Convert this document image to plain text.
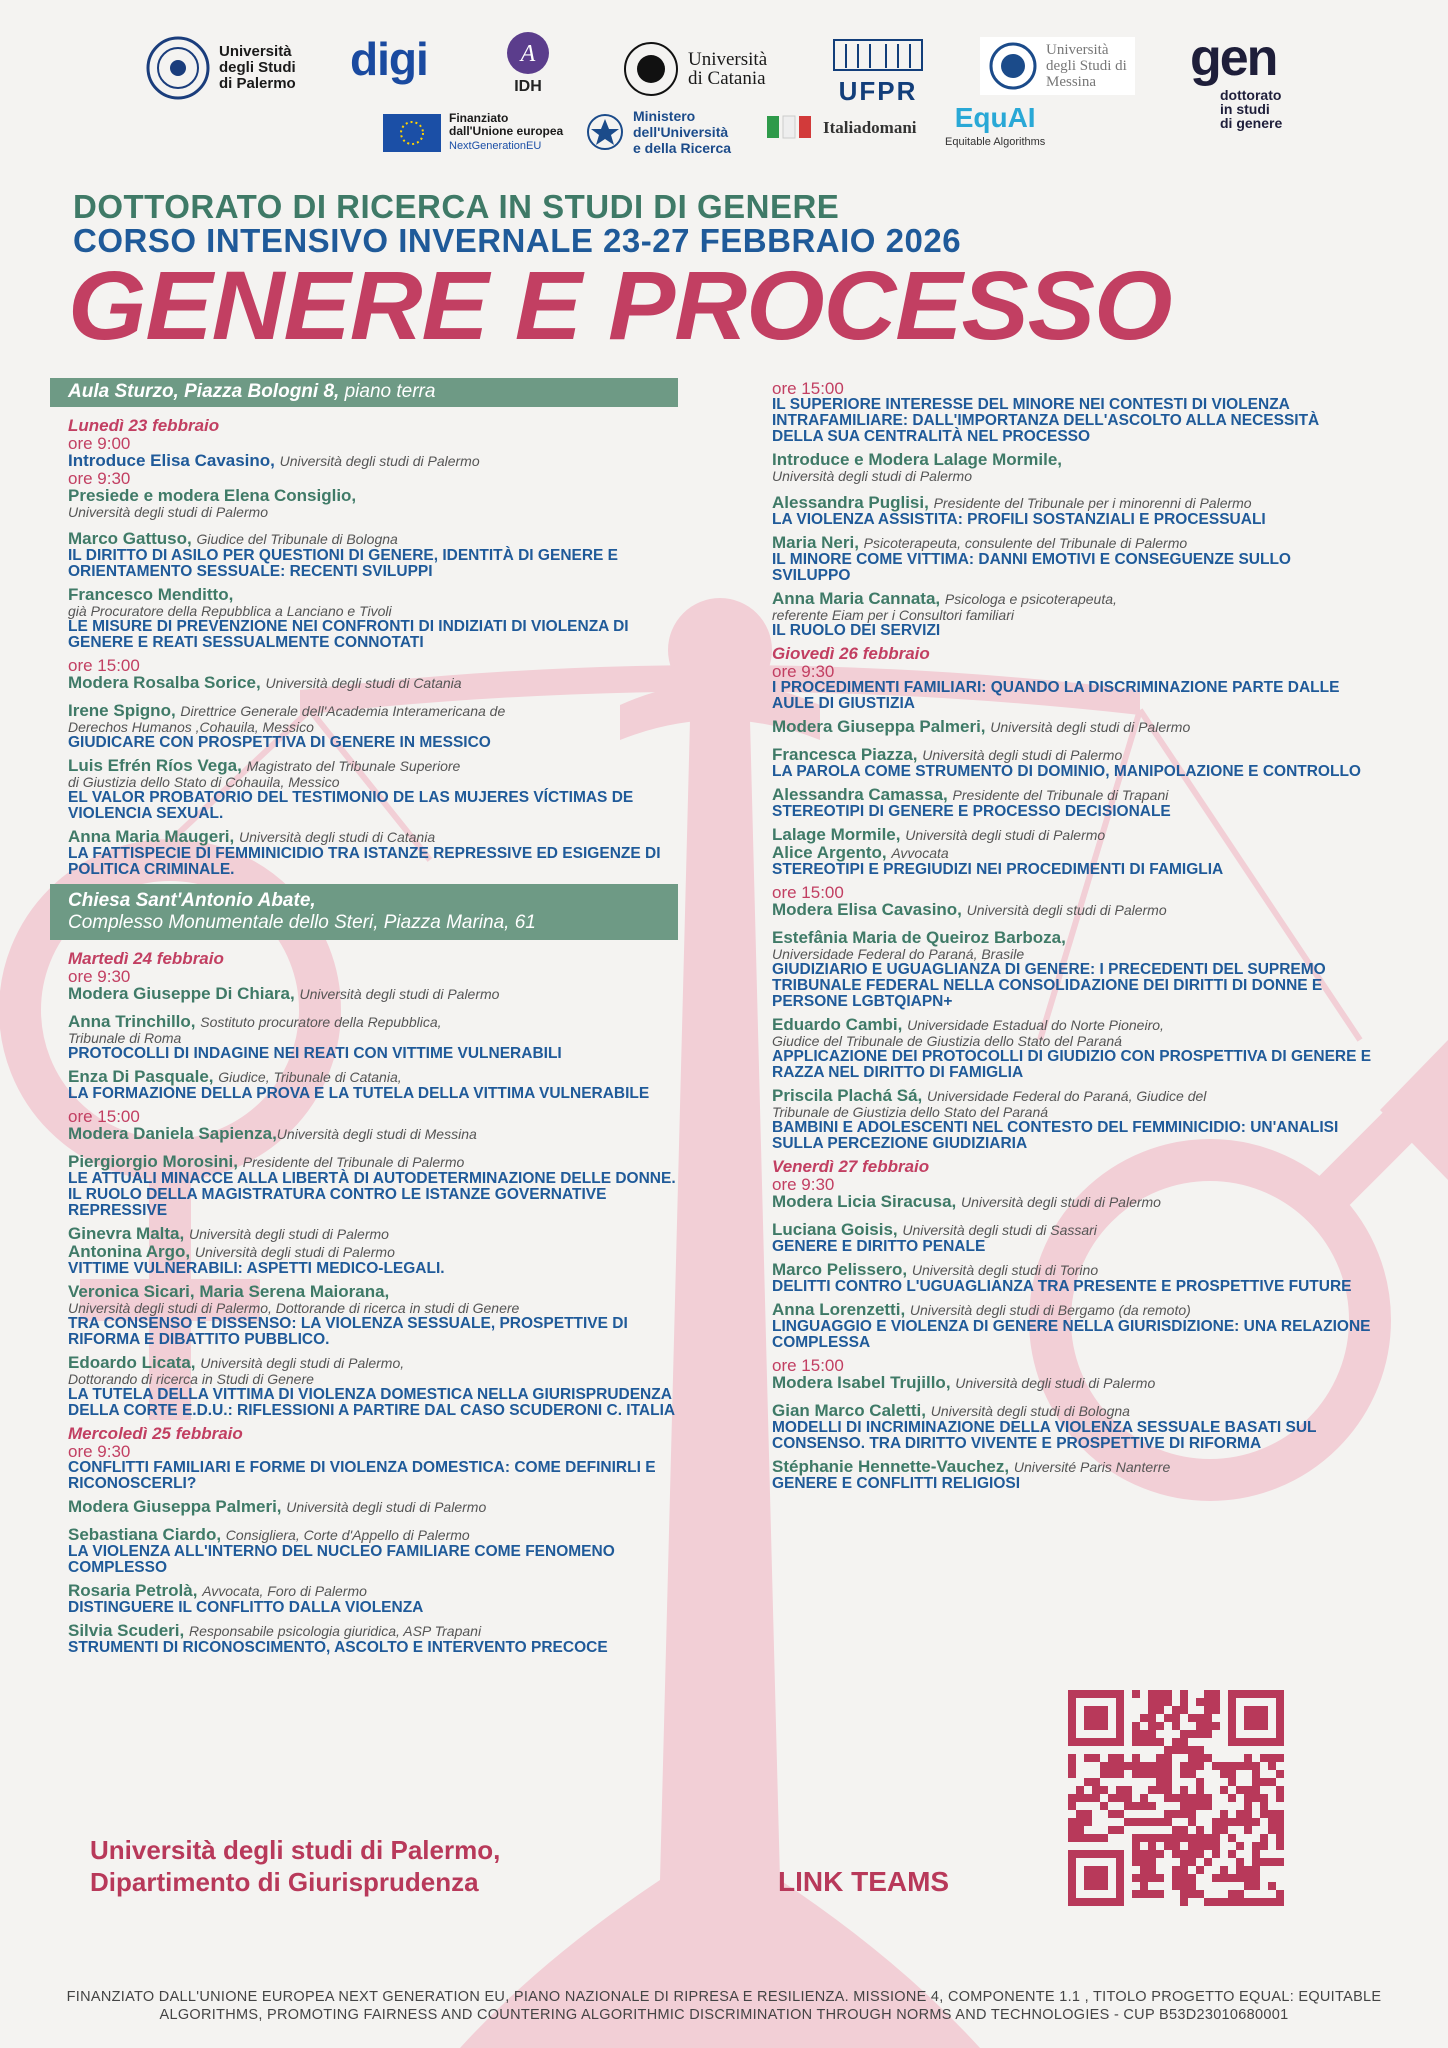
Università
degli Studi
di Palermo digi	A
IDH
Università
di Catania	UFPR
Università
degli Studi di
Messina	gen
dottorato
in studi
di genere
Finanziato
dall'Unione europea
NextGenerationEU
Ministero
dell'Università
e della Ricerca
Italiadomani EquAI
Equitable Algorithms
DOTTORATO DI RICERCA IN STUDI DI GENERE
CORSO INTENSIVO INVERNALE 23-27 FEBBRAIO 2026
GENERE E PROCESSO
Aula Sturzo, Piazza Bologni 8, piano terra
Lunedì 23 febbraio
ore 9:00
Introduce Elisa Cavasino, Università degli studi di Palermo
ore 9:30
Presiede e modera Elena Consiglio,
Università degli studi di Palermo
Marco Gattuso, Giudice del Tribunale di Bologna
IL DIRITTO DI ASILO PER QUESTIONI DI GENERE, IDENTITÀ DI GENERE E ORIENTAMENTO SESSUALE: RECENTI SVILUPPI
Francesco Menditto,
già Procuratore della Repubblica a Lanciano e Tivoli
LE MISURE DI PREVENZIONE NEI CONFRONTI DI INDIZIATI DI VIOLENZA DI GENERE E REATI SESSUALMENTE CONNOTATI
ore 15:00
Modera Rosalba Sorice, Università degli studi di Catania
Irene Spigno, Direttrice Generale dell'Academia Interamericana de
Derechos Humanos ,Cohauila, Messico
GIUDICARE CON PROSPETTIVA DI GENERE IN MESSICO
Luis Efrén Ríos Vega, Magistrato del Tribunale Superiore
di Giustizia dello Stato di Cohauila, Messico
EL VALOR PROBATORIO DEL TESTIMONIO DE LAS MUJERES VÍCTIMAS DE VIOLENCIA SEXUAL.
Anna Maria Maugeri, Università degli studi di Catania
LA FATTISPECIE DI FEMMINICIDIO TRA ISTANZE REPRESSIVE ED ESIGENZE DI POLITICA CRIMINALE.
Chiesa Sant'Antonio Abate,
Complesso Monumentale dello Steri, Piazza Marina, 61
Martedì 24 febbraio
ore 9:30
Modera Giuseppe Di Chiara, Università degli studi di Palermo
Anna Trinchillo, Sostituto procuratore della Repubblica,
Tribunale di Roma
PROTOCOLLI DI INDAGINE NEI REATI CON VITTIME VULNERABILI
Enza Di Pasquale, Giudice, Tribunale di Catania,
LA FORMAZIONE DELLA PROVA E LA TUTELA DELLA VITTIMA VULNERABILE
ore 15:00
Modera Daniela Sapienza,Università degli studi di Messina
Piergiorgio Morosini, Presidente del Tribunale di Palermo
LE ATTUALI MINACCE ALLA LIBERTÀ DI AUTODETERMINAZIONE DELLE DONNE.
IL RUOLO DELLA MAGISTRATURA CONTRO LE ISTANZE GOVERNATIVE REPRESSIVE
Ginevra Malta, Università degli studi di Palermo
Antonina Argo, Università degli studi di Palermo
VITTIME VULNERABILI: ASPETTI MEDICO-LEGALI.
Veronica Sicari, Maria Serena Maiorana,
Università degli studi di Palermo, Dottorande di ricerca in studi di Genere
TRA CONSENSO E DISSENSO: LA VIOLENZA SESSUALE, PROSPETTIVE DI RIFORMA E DIBATTITO PUBBLICO.
Edoardo Licata, Università degli studi di Palermo,
Dottorando di ricerca in Studi di Genere
LA TUTELA DELLA VITTIMA DI VIOLENZA DOMESTICA NELLA GIURISPRUDENZA DELLA CORTE E.D.U.: RIFLESSIONI A PARTIRE DAL CASO SCUDERONI C. ITALIA
Mercoledì 25 febbraio
ore 9:30
CONFLITTI FAMILIARI E FORME DI VIOLENZA DOMESTICA: COME DEFINIRLI E RICONOSCERLI?
Modera Giuseppa Palmeri, Università degli studi di Palermo
Sebastiana Ciardo, Consigliera, Corte d'Appello di Palermo
LA VIOLENZA ALL'INTERNO DEL NUCLEO FAMILIARE COME FENOMENO COMPLESSO
Rosaria Petrolà, Avvocata, Foro di Palermo
DISTINGUERE IL CONFLITTO DALLA VIOLENZA
Silvia Scuderi, Responsabile psicologia giuridica, ASP Trapani
STRUMENTI DI RICONOSCIMENTO, ASCOLTO E INTERVENTO PRECOCE
ore 15:00
IL SUPERIORE INTERESSE DEL MINORE NEI CONTESTI DI VIOLENZA INTRAFAMILIARE: DALL'IMPORTANZA DELL'ASCOLTO ALLA NECESSITÀ DELLA SUA CENTRALITÀ NEL PROCESSO
Introduce e Modera Lalage Mormile,
Università degli studi di Palermo
Alessandra Puglisi, Presidente del Tribunale per i minorenni di Palermo
LA VIOLENZA ASSISTITA: PROFILI SOSTANZIALI E PROCESSUALI
Maria Neri, Psicoterapeuta, consulente del Tribunale di Palermo
IL MINORE COME VITTIMA: DANNI EMOTIVI E CONSEGUENZE SULLO SVILUPPO
Anna Maria Cannata, Psicologa e psicoterapeuta,
referente Eiam per i Consultori familiari
IL RUOLO DEI SERVIZI
Giovedì 26 febbraio
ore 9:30
I PROCEDIMENTI FAMILIARI: QUANDO LA DISCRIMINAZIONE PARTE DALLE AULE DI GIUSTIZIA
Modera Giuseppa Palmeri, Università degli studi di Palermo
Francesca Piazza, Università degli studi di Palermo
LA PAROLA COME STRUMENTO DI DOMINIO, MANIPOLAZIONE E CONTROLLO
Alessandra Camassa, Presidente del Tribunale di Trapani
STEREOTIPI DI GENERE E PROCESSO DECISIONALE
Lalage Mormile, Università degli studi di Palermo
Alice Argento, Avvocata
STEREOTIPI E PREGIUDIZI NEI PROCEDIMENTI DI FAMIGLIA
ore 15:00
Modera Elisa Cavasino, Università degli studi di Palermo
Estefânia Maria de Queiroz Barboza,
Universidade Federal do Paraná, Brasile
GIUDIZIARIO E UGUAGLIANZA DI GENERE: I PRECEDENTI DEL SUPREMO TRIBUNALE FEDERAL NELLA CONSOLIDAZIONE DEI DIRITTI DI DONNE E PERSONE LGBTQIAPN+
Eduardo Cambi, Universidade Estadual do Norte Pioneiro,
Giudice del Tribunale de Giustizia dello Stato del Paraná
APPLICAZIONE DEI PROTOCOLLI DI GIUDIZIO CON PROSPETTIVA DI GENERE E RAZZA NEL DIRITTO DI FAMIGLIA
Priscila Plachá Sá, Universidade Federal do Paraná, Giudice del
Tribunale de Giustizia dello Stato del Paraná
BAMBINI E ADOLESCENTI NEL CONTESTO DEL FEMMINICIDIO: UN'ANALISI SULLA PERCEZIONE GIUDIZIARIA
Venerdì 27 febbraio
ore 9:30
Modera Licia Siracusa, Università degli studi di Palermo
Luciana Goisis, Università degli studi di Sassari
GENERE E DIRITTO PENALE
Marco Pelissero, Università degli studi di Torino
DELITTI CONTRO L'UGUAGLIANZA TRA PRESENTE E PROSPETTIVE FUTURE
Anna Lorenzetti, Università degli studi di Bergamo (da remoto)
LINGUAGGIO E VIOLENZA DI GENERE NELLA GIURISDIZIONE: UNA RELAZIONE COMPLESSA
ore 15:00
Modera Isabel Trujillo, Università degli studi di Palermo
Gian Marco Caletti, Università degli studi di Bologna
MODELLI DI INCRIMINAZIONE DELLA VIOLENZA SESSUALE BASATI SUL CONSENSO. TRA DIRITTO VIVENTE E PROSPETTIVE DI RIFORMA
Stéphanie Hennette-Vauchez, Université Paris Nanterre
GENERE E CONFLITTI RELIGIOSI
Università degli studi di Palermo,
Dipartimento di Giurisprudenza	LINK TEAMS
FINANZIATO DALL'UNIONE EUROPEA NEXT GENERATION EU, PIANO NAZIONALE DI RIPRESA E RESILIENZA. MISSIONE 4, COMPONENTE 1.1 , TITOLO PROGETTO EQUAL: EQUITABLE ALGORITHMS, PROMOTING FAIRNESS AND COUNTERING ALGORITHMIC DISCRIMINATION THROUGH NORMS AND TECHNOLOGIES - CUP B53D23010680001
